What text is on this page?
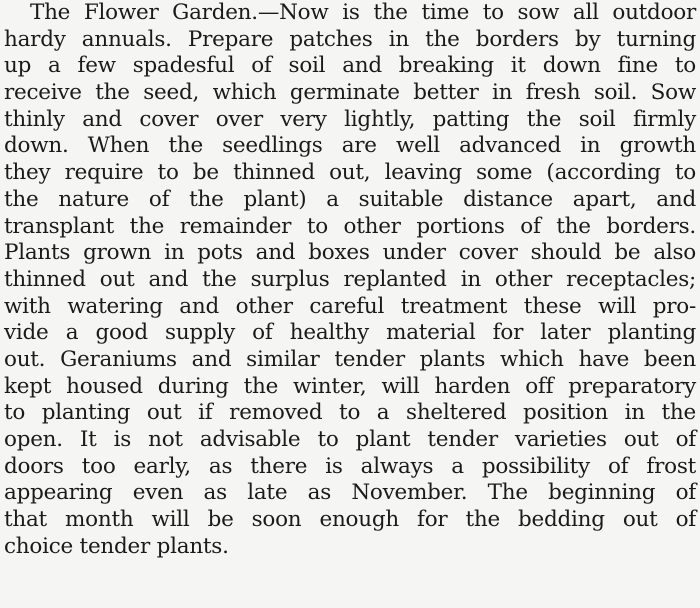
The Flower Garden.—Now is the time to sow all outdoor
hardy annuals. Prepare patches in the borders by turning
up a few spadesful of soil and breaking it down fine to
receive the seed, which germinate better in fresh soil. Sow
thinly and cover over very lightly, patting the soil firmly
down. When the seedlings are well advanced in growth
they require to be thinned out, leaving some (according to
the nature of the plant) a suitable distance apart, and
transplant the remainder to other portions of the borders.
Plants grown in pots and boxes under cover should be also
thinned out and the surplus replanted in other receptacles;
with watering and other careful treatment these will pro-
vide a good supply of healthy material for later planting
out. Geraniums and similar tender plants which have been
kept housed during the winter, will harden off preparatory
to planting out if removed to a sheltered position in the
open. It is not advisable to plant tender varieties out of
doors too early, as there is always a possibility of frost
appearing even as late as November. The beginning of
that month will be soon enough for the bedding out of
choice tender plants.
